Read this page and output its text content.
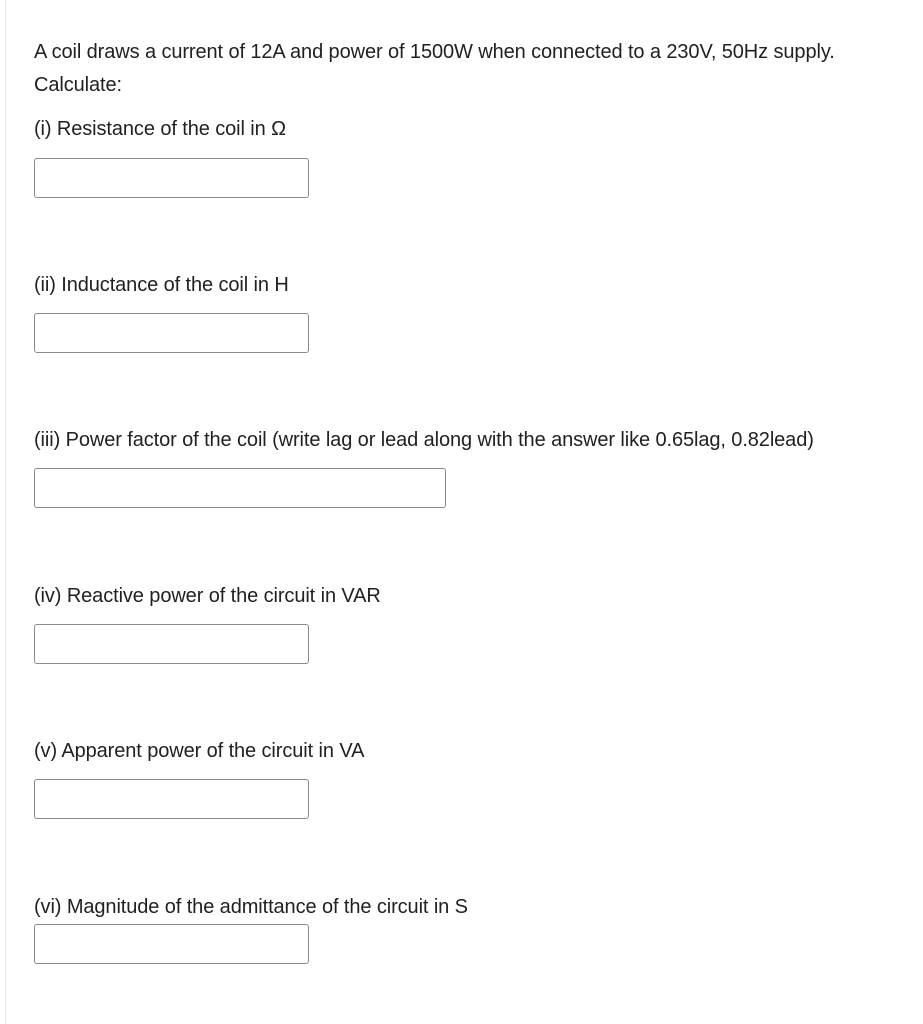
A coil draws a current of 12A and power of 1500W when connected to a 230V, 50Hz supply.
Calculate:
(i) Resistance of the coil in Ω
(ii) Inductance of the coil in H
(iii) Power factor of the coil (write lag or lead along with the answer like 0.65lag, 0.82lead)
(iv) Reactive power of the circuit in VAR
(v) Apparent power of the circuit in VA
(vi) Magnitude of the admittance of the circuit in S
